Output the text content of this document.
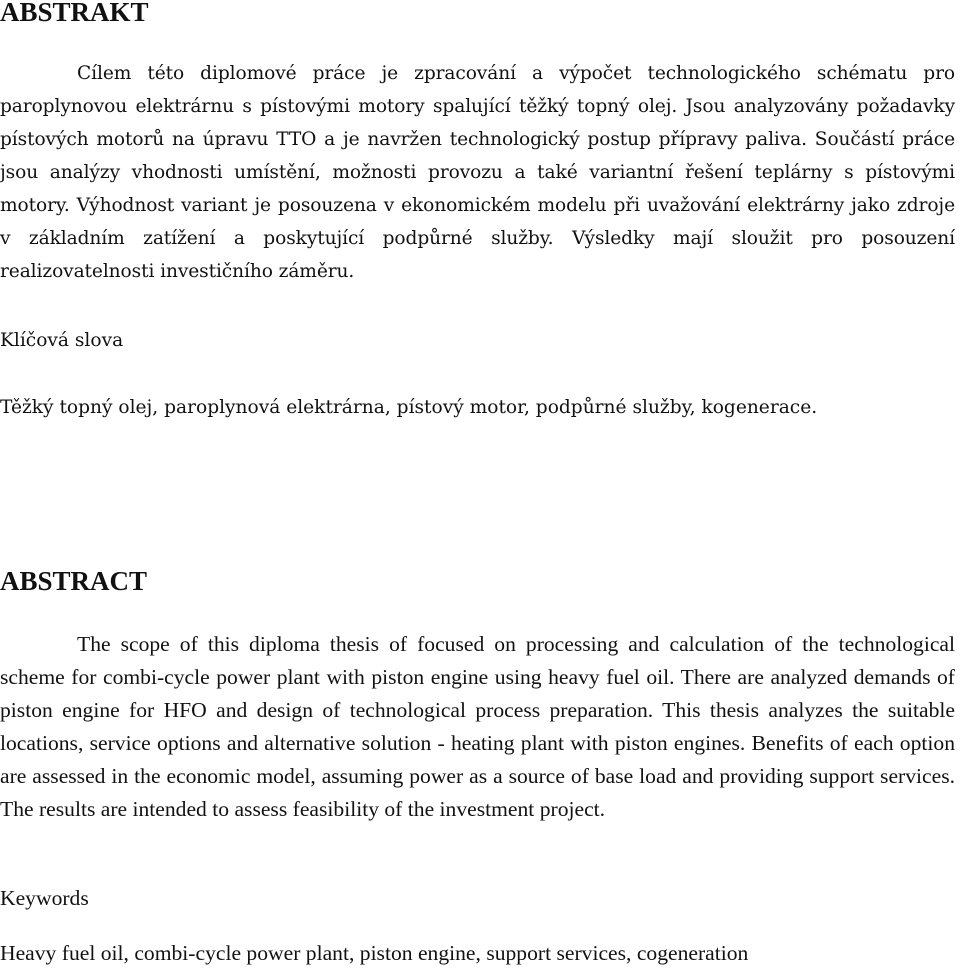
ABSTRAKT

Cílem této diplomové práce je zpracování a výpočet technologického schématu pro paroplynovou elektrárnu s pístovými motory spalující těžký topný olej. Jsou analyzovány požadavky pístových motorů na úpravu TTO a je navržen technologický postup přípravy paliva. Součástí práce jsou analýzy vhodnosti umístění, možnosti provozu a také variantní řešení teplárny s pístovými motory. Výhodnost variant je posouzena v ekonomickém modelu při uvažování elektrárny jako zdroje v základním zatížení a poskytující podpůrné služby. Výsledky mají sloužit pro posouzení realizovatelnosti investičního záměru.

Klíčová slova

Těžký topný olej, paroplynová elektrárna, pístový motor, podpůrné služby, kogenerace.

ABSTRACT

The scope of this diploma thesis of focused on processing and calculation of the technological scheme for combi-cycle power plant with piston engine using heavy fuel oil. There are analyzed demands of piston engine for HFO and design of technological process preparation. This thesis analyzes the suitable locations, service options and alternative solution - heating plant with piston engines. Benefits of each option are assessed in the economic model, assuming power as a source of base load and providing support services. The results are intended to assess feasibility of the investment project.

Keywords

Heavy fuel oil, combi-cycle power plant, piston engine, support services, cogeneration
